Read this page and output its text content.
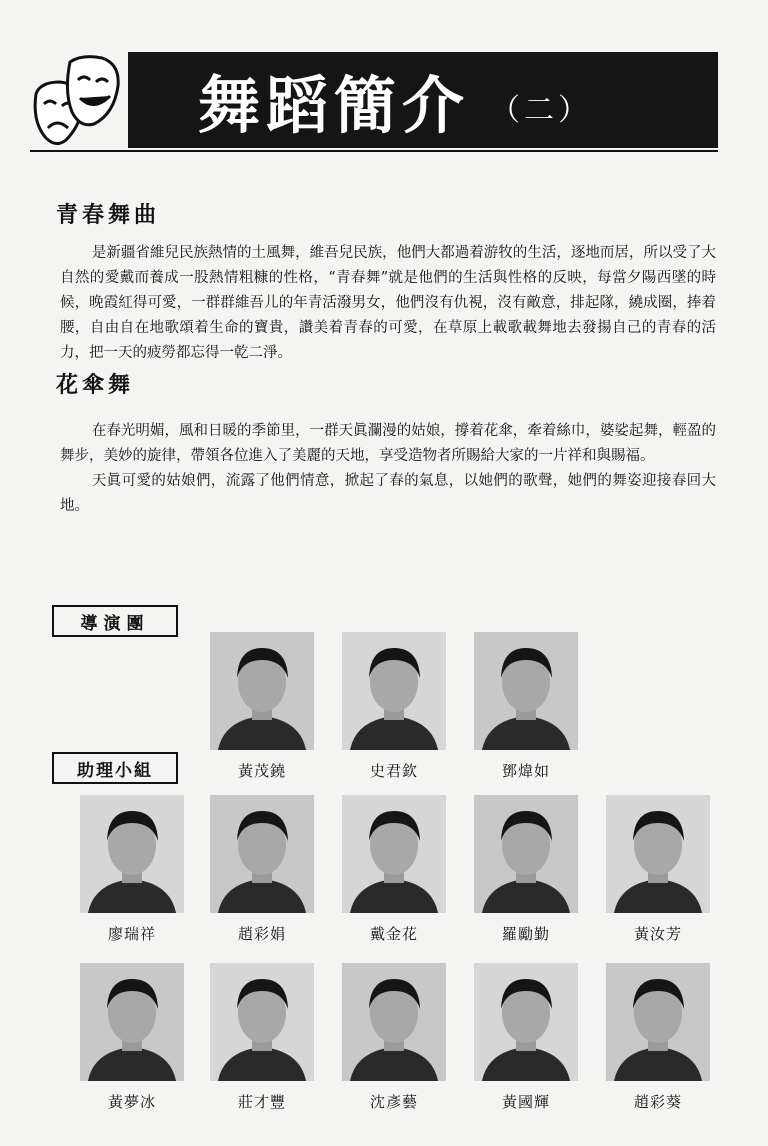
舞蹈簡介 （二）
青春舞曲

是新疆省維兒民族熱情的土風舞，維吾兒民族，他們大都過着游牧的生活，逐地而居，所以受了大自然的愛戴而養成一股熱情粗糠的性格，“青春舞”就是他們的生活與性格的反映，每當夕陽西墜的時候，晚霞紅得可愛，一群群維吾儿的年青活潑男女，他們沒有仇視，沒有敵意，排起隊，繞成圈，捧着腰，自由自在地歌頌着生命的寶貴，讚美着青春的可愛，在草原上載歌載舞地去發揚自己的青春的活力，把一天的疲勞都忘得一乾二淨。

花傘舞

在春光明媚，風和日暖的季節里，一群天眞瀾漫的姑娘，撐着花傘，牽着絲巾，婆娑起舞，輕盈的舞步，美妙的旋律，帶領各位進入了美麗的天地，享受造物者所賜給大家的一片祥和與賜福。

天眞可愛的姑娘們，流露了他們情意，掀起了春的氣息，以她們的歌聲，她們的舞姿迎接春回大地。

導演團
助理小組	黃茂鐃	史君欽	鄧煒如
廖瑞祥	趙彩娟	戴金花	羅勵勤	黃汝芳
黃夢冰	莊才豐	沈彥藝	黃國輝	趙彩葵
